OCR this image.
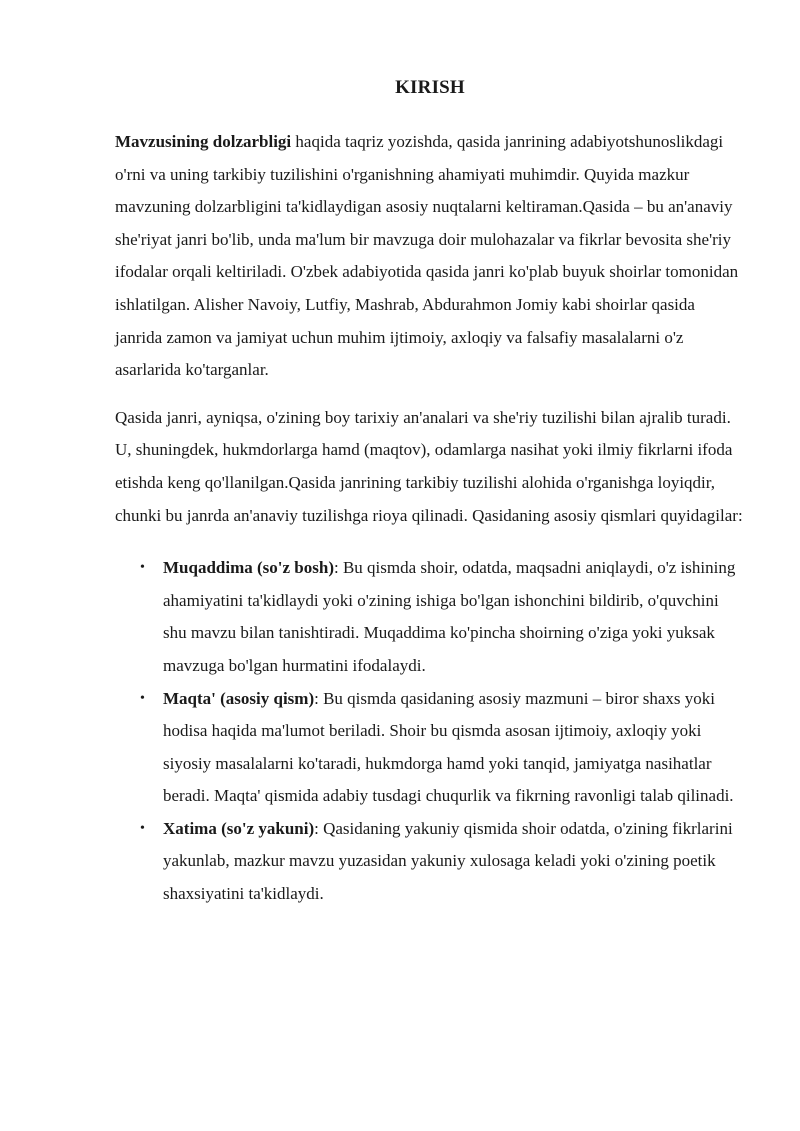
KIRISH

Mavzusining dolzarbligi haqida taqriz yozishda, qasida janrining adabiyotshunoslikdagi o'rni va uning tarkibiy tuzilishini o'rganishning ahamiyati muhimdir. Quyida mazkur mavzuning dolzarbligini ta'kidlaydigan asosiy nuqtalarni keltiraman.Qasida – bu an'anaviy she'riyat janri bo'lib, unda ma'lum bir mavzuga doir mulohazalar va fikrlar bevosita she'riy ifodalar orqali keltiriladi. O'zbek adabiyotida qasida janri ko'plab buyuk shoirlar tomonidan ishlatilgan. Alisher Navoiy, Lutfiy, Mashrab, Abdurahmon Jomiy kabi shoirlar qasida janrida zamon va jamiyat uchun muhim ijtimoiy, axloqiy va falsafiy masalalarni o'z asarlarida ko'targanlar.

Qasida janri, ayniqsa, o'zining boy tarixiy an'analari va she'riy tuzilishi bilan ajralib turadi. U, shuningdek, hukmdorlarga hamd (maqtov), odamlarga nasihat yoki ilmiy fikrlarni ifoda etishda keng qo'llanilgan.Qasida janrining tarkibiy tuzilishi alohida o'rganishga loyiqdir, chunki bu janrda an'anaviy tuzilishga rioya qilinadi. Qasidaning asosiy qismlari quyidagilar:

• Muqaddima (so'z bosh): Bu qismda shoir, odatda, maqsadni aniqlaydi, o'z ishining ahamiyatini ta'kidlaydi yoki o'zining ishiga bo'lgan ishonchini bildirib, o'quvchini shu mavzu bilan tanishtiradi. Muqaddima ko'pincha shoirning o'ziga yoki yuksak mavzuga bo'lgan hurmatini ifodalaydi.
• Maqta' (asosiy qism): Bu qismda qasidaning asosiy mazmuni – biror shaxs yoki hodisa haqida ma'lumot beriladi. Shoir bu qismda asosan ijtimoiy, axloqiy yoki siyosiy masalalarni ko'taradi, hukmdorga hamd yoki tanqid, jamiyatga nasihatlar beradi. Maqta' qismida adabiy tusdagi chuqurlik va fikrning ravonligi talab qilinadi.
• Xatima (so'z yakuni): Qasidaning yakuniy qismida shoir odatda, o'zining fikrlarini yakunlab, mazkur mavzu yuzasidan yakuniy xulosaga keladi yoki o'zining poetik shaxsiyatini ta'kidlaydi.
